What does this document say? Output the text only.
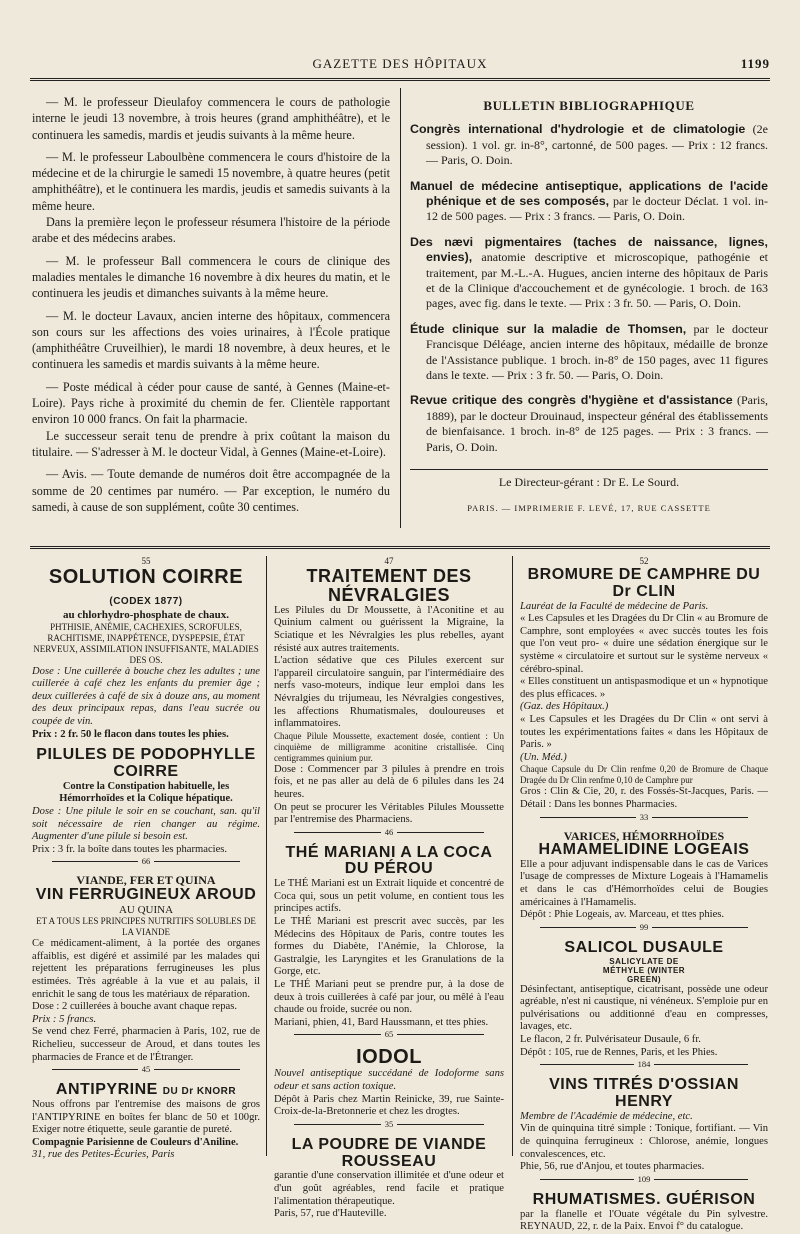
GAZETTE DES HÔPITAUX	1199

— M. le professeur Dieulafoy commencera le cours de pathologie interne le jeudi 13 novembre, à trois heures (grand amphithéâtre), et le continuera les samedis, mardis et jeudis suivants à la même heure.

— M. le professeur Laboulbène commencera le cours d'histoire de la médecine et de la chirurgie le samedi 15 novembre, à quatre heures (petit amphithéâtre), et le continuera les mardis, jeudis et samedis suivants à la même heure.

Dans la première leçon le professeur résumera l'histoire de la période arabe et des médecins arabes.

— M. le professeur Ball commencera le cours de clinique des maladies mentales le dimanche 16 novembre à dix heures du matin, et le continuera les jeudis et dimanches suivants à la même heure.

— M. le docteur Lavaux, ancien interne des hôpitaux, commencera son cours sur les affections des voies urinaires, à l'École pratique (amphithéâtre Cruveilhier), le mardi 18 novembre, à deux heures, et le continuera les samedis et mardis suivants à la même heure.

— Poste médical à céder pour cause de santé, à Gennes (Maine-et-Loire). Pays riche à proximité du chemin de fer. Clientèle rapportant environ 10 000 francs. On fait la pharmacie.

Le successeur serait tenu de prendre à prix coûtant la maison du titulaire. — S'adresser à M. le docteur Vidal, à Gennes (Maine-et-Loire).

— Avis. — Toute demande de numéros doit être accompagnée de la somme de 20 centimes par numéro. — Par exception, le numéro du samedi, à cause de son supplément, coûte 30 centimes.

BULLETIN BIBLIOGRAPHIQUE
Congrès international d'hydrologie et de climatologie (2e session). 1 vol. gr. in-8°, cartonné, de 500 pages. — Prix : 12 francs. — Paris, O. Doin.
Manuel de médecine antiseptique, applications de l'acide phénique et de ses composés, par le docteur Déclat. 1 vol. in-12 de 500 pages. — Prix : 3 francs. — Paris, O. Doin.
Des nævi pigmentaires (taches de naissance, lignes, envies), anatomie descriptive et microscopique, pathogénie et traitement, par M.-L.-A. Hugues, ancien interne des hôpitaux de Paris et de la Clinique d'accouchement et de gynécologie. 1 broch. de 163 pages, avec fig. dans le texte. — Prix : 3 fr. 50. — Paris, O. Doin.
Étude clinique sur la maladie de Thomsen, par le docteur Francisque Déléage, ancien interne des hôpitaux, médaille de bronze de l'Assistance publique. 1 broch. in-8° de 150 pages, avec 11 figures dans le texte. — Prix : 3 fr. 50. — Paris, O. Doin.
Revue critique des congrès d'hygiène et d'assistance (Paris, 1889), par le docteur Drouinaud, inspecteur général des établissements de bienfaisance. 1 broch. in-8° de 125 pages. — Prix : 3 francs. — Paris, O. Doin.
Le Directeur-gérant : Dr E. Le Sourd.
PARIS. — IMPRIMERIE F. LEVÉ, 17, RUE CASSETTE
55
SOLUTION COIRRE (CODEX 1877)
au chlorhydro-phosphate de chaux.
PHTHISIE, ANÉMIE, CACHEXIES, SCROFULES, RACHITISME, INAPPÉTENCE, DYSPEPSIE, ÉTAT NERVEUX, ASSIMILATION INSUFFISANTE, MALADIES DES OS.

Dose : Une cuillerée à bouche chez les adultes ; une cuillerée à café chez les enfants du premier âge ; deux cuillerées à café de six à douze ans, au moment des deux principaux repas, dans l'eau sucrée ou coupée de vin.

Prix : 2 fr. 50 le flacon dans toutes les phies.

PILULES DE PODOPHYLLE COIRRE
Contre la Constipation habituelle, les Hémorrhoïdes et la Colique hépatique.

Dose : Une pilule le soir en se couchant, san. qu'il soit nécessaire de rien changer au régime. Augmenter d'une pilule si besoin est.

Prix : 3 fr. la boîte dans toutes les pharmacies.

66
VIANDE, FER ET QUINA
VIN FERRUGINEUX AROUD
AU QUINA
ET A TOUS LES PRINCIPES NUTRITIFS SOLUBLES DE LA VIANDE

Ce médicament-aliment, à la portée des organes affaiblis, est digéré et assimilé par les malades qui rejettent les préparations ferrugineuses les plus estimées. Très agréable à la vue et au palais, il enrichit le sang de tous les matériaux de réparation.

Dose : 2 cuillerées à bouche avant chaque repas.

Prix : 5 francs.

Se vend chez Ferré, pharmacien à Paris, 102, rue de Richelieu, successeur de Aroud, et dans toutes les pharmacies de France et de l'Étranger.

45
ANTIPYRINE DU Dr KNORR

Nous offrons par l'entremise des maisons de gros l'ANTIPYRINE en boîtes fer blanc de 50 et 100gr. Exiger notre étiquette, seule garantie de pureté.

Compagnie Parisienne de Couleurs d'Aniline.

31, rue des Petites-Écuries, Paris

47
TRAITEMENT DES NÉVRALGIES

Les Pilules du Dr Moussette, à l'Aconitine et au Quinium calment ou guérissent la Migraine, la Sciatique et les Névralgies les plus rebelles, ayant résisté aux autres traitements.

L'action sédative que ces Pilules exercent sur l'appareil circulatoire sanguin, par l'intermédiaire des nerfs vaso-moteurs, indique leur emploi dans les Névralgies du trijumeau, les Névralgies congestives, les affections Rhumatismales, douloureuses et inflammatoires.

Chaque Pilule Moussette, exactement dosée, contient : Un cinquième de milligramme aconitine cristallisée. Cinq centigrammes quinium pur.

Dose : Commencer par 3 pilules à prendre en trois fois, et ne pas aller au delà de 6 pilules dans les 24 heures.

On peut se procurer les Véritables Pilules Moussette par l'entremise des Pharmaciens.

46
THÉ MARIANI A LA COCA DU PÉROU

Le THÉ Mariani est un Extrait liquide et concentré de Coca qui, sous un petit volume, en contient tous les principes actifs.

Le THÉ Mariani est prescrit avec succès, par les Médecins des Hôpitaux de Paris, contre toutes les formes du Diabète, l'Anémie, la Chlorose, la Gastralgie, les Laryngites et les Granulations de la Gorge, etc.

Le THÉ Mariani peut se prendre pur, à la dose de deux à trois cuillerées à café par jour, ou mêlé à l'eau chaude ou froide, sucrée ou non.

Mariani, phien, 41, Bard Haussmann, et ttes phies.

65
IODOL

Nouvel antiseptique succédané de Iodoforme sans odeur et sans action toxique.

Dépôt à Paris chez Martin Reinicke, 39, rue Sainte-Croix-de-la-Bretonnerie et chez les drogtes.

35
LA POUDRE DE VIANDE ROUSSEAU

garantie d'une conservation illimitée et d'une odeur et d'un goût agréables, rend facile et pratique l'alimentation thérapeutique.

Paris, 57, rue d'Hauteville.

52
BROMURE DE CAMPHRE DU Dr CLIN

Lauréat de la Faculté de médecine de Paris.

« Les Capsules et les Dragées du Dr Clin « au Bromure de Camphre, sont employées « avec succès toutes les fois que l'on veut pro- « duire une sédation énergique sur le système « circulatoire et surtout sur le système nerveux « cérébro-spinal.

« Elles constituent un antispasmodique et un « hypnotique des plus efficaces. »

(Gaz. des Hôpitaux.)

« Les Capsules et les Dragées du Dr Clin « ont servi à toutes les expérimentations faites « dans les Hôpitaux de Paris. »

(Un. Méd.)

Chaque Capsule du Dr Clin renfme 0,20 de Bromure de Chaque Dragée du Dr Clin renfme 0,10 de Camphre pur

Gros : Clin & Cie, 20, r. des Fossés-St-Jacques, Paris. — Détail : Dans les bonnes Pharmacies.

33
VARICES, HÉMORRHOÏDES
HAMAMELIDINE LOGEAIS

Elle a pour adjuvant indispensable dans le cas de Varices l'usage de compresses de Mixture Logeais à l'Hamamelis et dans le cas d'Hémorrhoïdes celui de Bougies américaines à l'Hamamelis.

Dépôt : Phie Logeais, av. Marceau, et ttes phies.

99
SALICOL DUSAULE SALICYLATE DE MÉTHYLE (WINTER GREEN)

Désinfectant, antiseptique, cicatrisant, possède une odeur agréable, n'est ni caustique, ni vénéneux. S'emploie pur en pulvérisations ou additionné d'eau en compresses, lavages, etc.

Le flacon, 2 fr. Pulvérisateur Dusaule, 6 fr.

Dépôt : 105, rue de Rennes, Paris, et les Phies.

184
VINS TITRÉS D'OSSIAN HENRY

Membre de l'Académie de médecine, etc.

Vin de quinquina titré simple : Tonique, fortifiant. — Vin de quinquina ferrugineux : Chlorose, anémie, longues convalescences, etc.

Phie, 56, rue d'Anjou, et toutes pharmacies.

109
RHUMATISMES. GUÉRISON

par la flanelle et l'Ouate végétale du Pin sylvestre. REYNAUD, 22, r. de la Paix. Envoi f° du catalogue.
